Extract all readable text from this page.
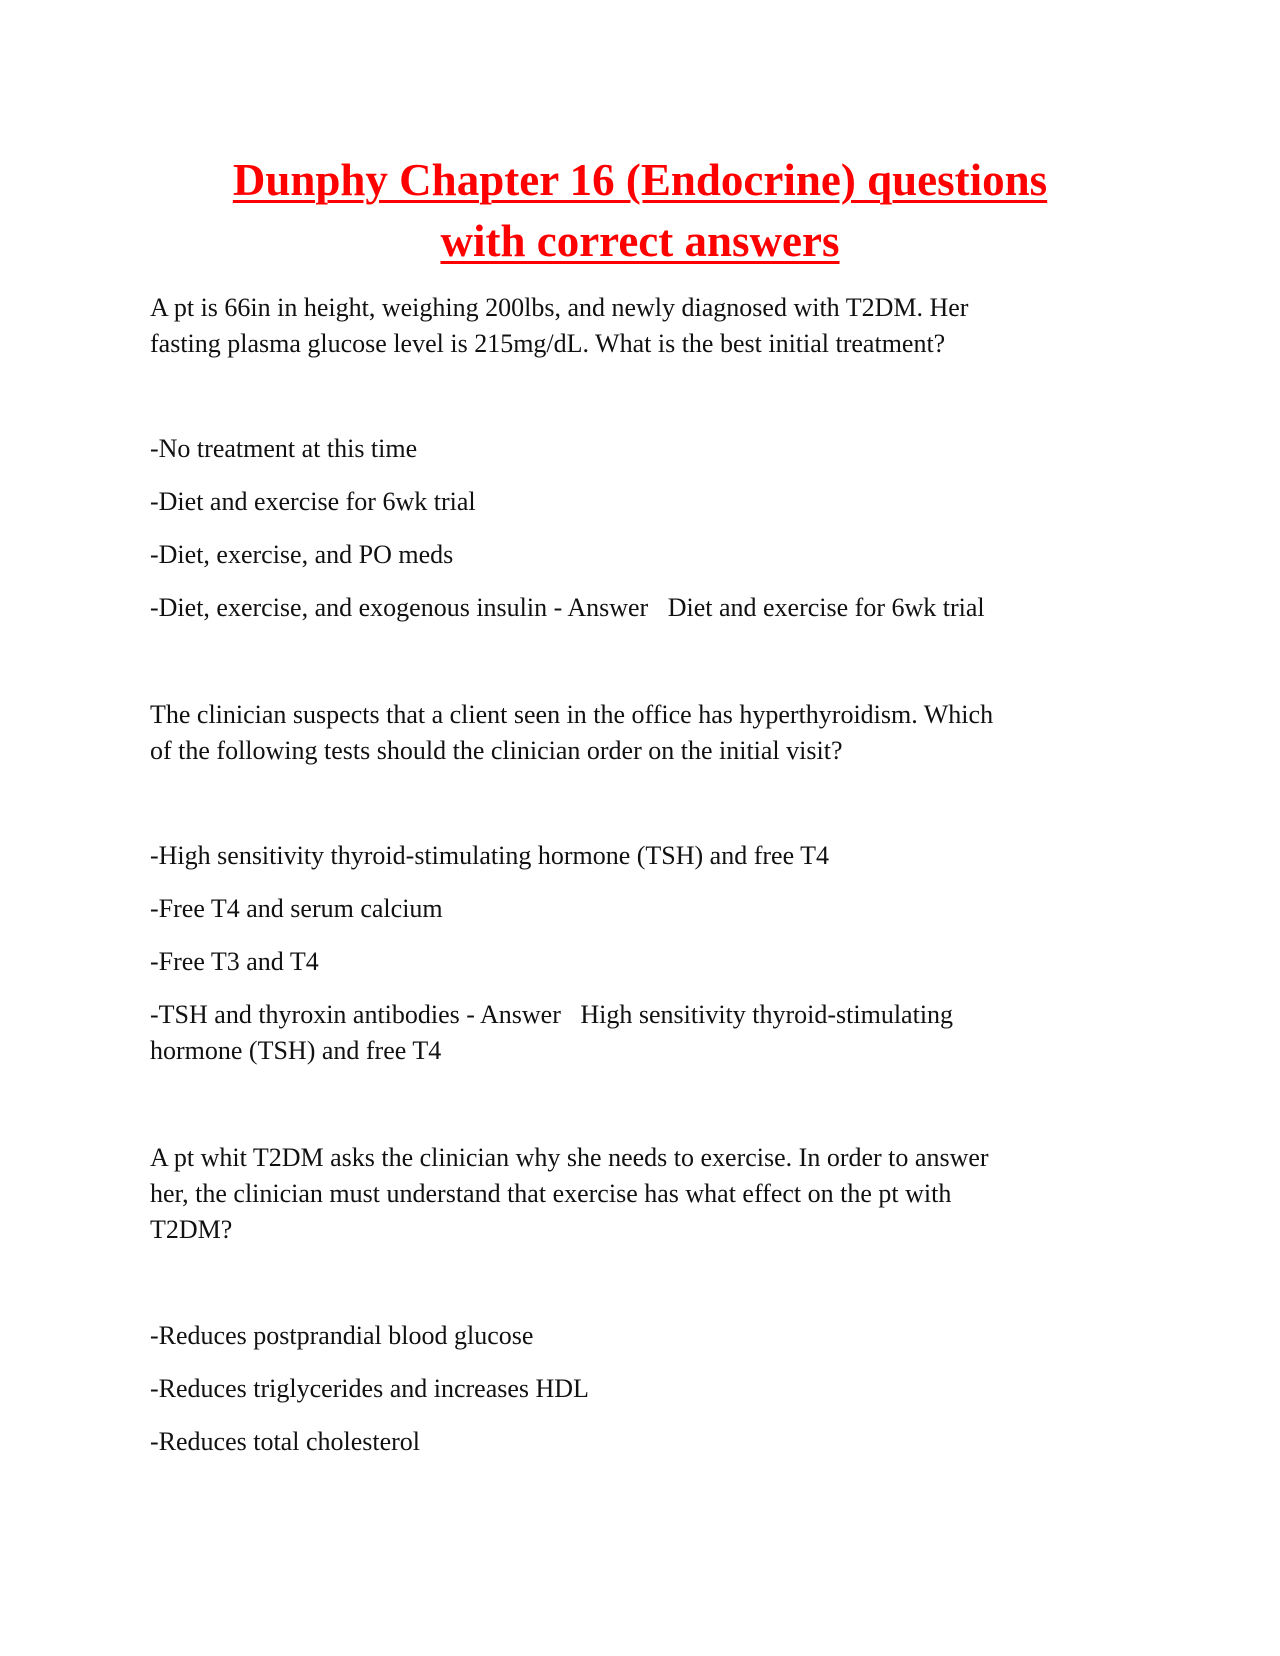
Dunphy Chapter 16 (Endocrine) questions
with correct answers

A pt is 66in in height, weighing 200lbs, and newly diagnosed with T2DM. Her

fasting plasma glucose level is 215mg/dL. What is the best initial treatment?

-No treatment at this time

-Diet and exercise for 6wk trial

-Diet, exercise, and PO meds

-Diet, exercise, and exogenous insulin - Answer Diet and exercise for 6wk trial

The clinician suspects that a client seen in the office has hyperthyroidism. Which

of the following tests should the clinician order on the initial visit?

-High sensitivity thyroid-stimulating hormone (TSH) and free T4

-Free T4 and serum calcium

-Free T3 and T4

-TSH and thyroxin antibodies - Answer High sensitivity thyroid-stimulating

hormone (TSH) and free T4

A pt whit T2DM asks the clinician why she needs to exercise. In order to answer

her, the clinician must understand that exercise has what effect on the pt with

T2DM?

-Reduces postprandial blood glucose

-Reduces triglycerides and increases HDL

-Reduces total cholesterol
